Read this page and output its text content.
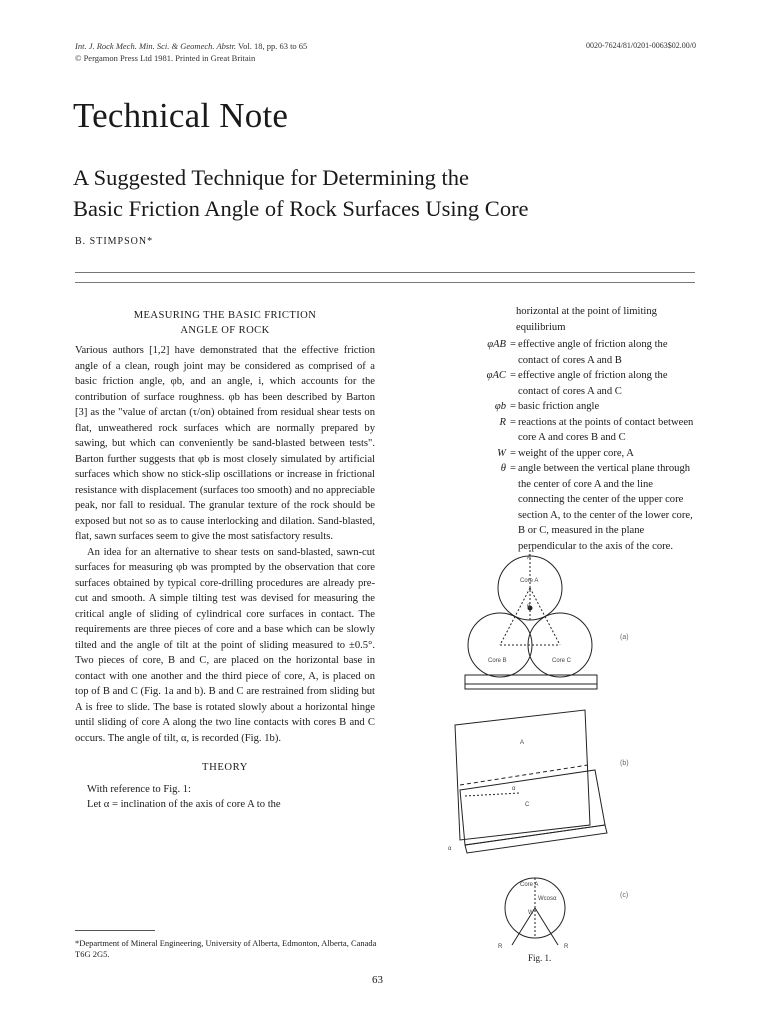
Int. J. Rock Mech. Min. Sci. & Geomech. Abstr. Vol. 18, pp. 63 to 65
© Pergamon Press Ltd 1981. Printed in Great Britain
0020-7624/81/0201-0063$02.00/0
Technical Note
A Suggested Technique for Determining the
Basic Friction Angle of Rock Surfaces Using Core
B. STIMPSON*
MEASURING THE BASIC FRICTION
ANGLE OF ROCK

Various authors [1,2] have demonstrated that the effective friction angle of a clean, rough joint may be considered as comprised of a basic friction angle, φb, and an angle, i, which accounts for the contribution of surface roughness. φb has been described by Barton [3] as the "value of arctan (τ/σn) obtained from residual shear tests on flat, unweathered rock surfaces which are normally prepared by sawing, but which can conveniently be sand-blasted between tests". Barton further suggests that φb is most closely simulated by artificial surfaces which show no stick-slip oscillations or increase in frictional resistance with displacement (surfaces too smooth) and no appreciable peak, nor fall to residual. The granular texture of the rock should be exposed but not so as to cause interlocking and dilation. Sand-blasted, flat, sawn surfaces seem to give the most satisfactory results.

An idea for an alternative to shear tests on sand-blasted, sawn-cut surfaces for measuring φb was prompted by the observation that core surfaces obtained by typical core-drilling procedures are already pre-cut and smooth. A simple tilting test was devised for measuring the critical angle of sliding of cylindrical core surfaces in contact. The requirements are three pieces of core and a base which can be slowly tilted and the angle of tilt at the point of sliding measured to ±0.5°. Two pieces of core, B and C, are placed on the horizontal base in contact with one another and the third piece of core, A, is placed on top of B and C (Fig. 1a and b). B and C are restrained from sliding but A is free to slide. The base is rotated slowly about a horizontal hinge until sliding of core A along the two line contacts with cores B and C occurs. The angle of tilt, α, is recorded (Fig. 1b).

THEORY

With reference to Fig. 1:

Let α = inclination of the axis of core A to the

horizontal at the point of limiting equilibrium
φAB = effective angle of friction along the contact of cores A and B
φAC = effective angle of friction along the contact of cores A and C
φb = basic friction angle
R = reactions at the points of contact between core A and cores B and C
W = weight of the upper core, A
θ = angle between the vertical plane through the center of core A and the line connecting the center of the upper core section A, to the center of the lower core, B or C, measured in the plane perpendicular to the axis of the core.
A
Core A
θ
Core B	Core C
A
C
α
α
Core A
Wcosα
W
R	R
(a)
(b)
(c)
Fig. 1.
*Department of Mineral Engineering, University of Alberta, Edmonton, Alberta, Canada T6G 2G5.
63
